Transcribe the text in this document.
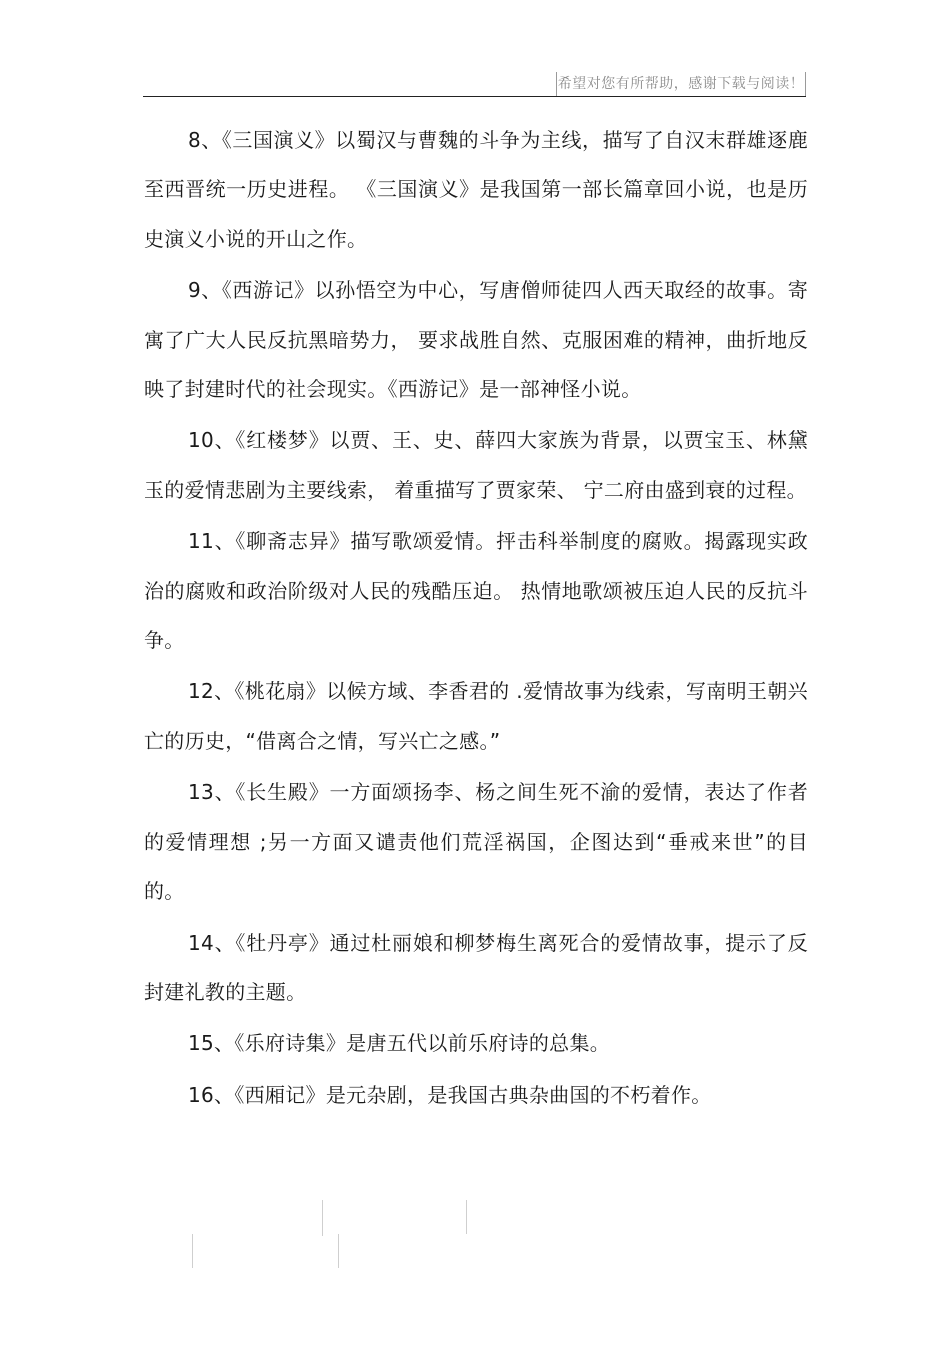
希望对您有所帮助，感谢下载与阅读！

8、《三国演义》以蜀汉与曹魏的斗争为主线，描写了自汉末群雄逐鹿至西晋统一历史进程。 《三国演义》是我国第一部长篇章回小说，也是历史演义小说的开山之作。

9、《西游记》以孙悟空为中心，写唐僧师徒四人西天取经的故事。寄寓了广大人民反抗黑暗势力， 要求战胜自然、克服困难的精神，曲折地反映了封建时代的社会现实。《西游记》是一部神怪小说。

10、《红楼梦》以贾、王、史、薛四大家族为背景，以贾宝玉、林黛玉的爱情悲剧为主要线索， 着重描写了贾家荣、 宁二府由盛到衰的过程。

11、《聊斋志异》描写歌颂爱情。抨击科举制度的腐败。揭露现实政治的腐败和政治阶级对人民的残酷压迫。 热情地歌颂被压迫人民的反抗斗争。

12、《桃花扇》以候方域、李香君的 .爱情故事为线索，写南明王朝兴亡的历史，“借离合之情，写兴亡之感。”

13、《长生殿》一方面颂扬李、杨之间生死不渝的爱情，表达了作者的爱情理想 ;另一方面又谴责他们荒淫祸国，企图达到“垂戒来世”的目的。

14、《牡丹亭》通过杜丽娘和柳梦梅生离死合的爱情故事，提示了反封建礼教的主题。

15、《乐府诗集》是唐五代以前乐府诗的总集。

16、《西厢记》是元杂剧，是我国古典杂曲国的不朽着作。
